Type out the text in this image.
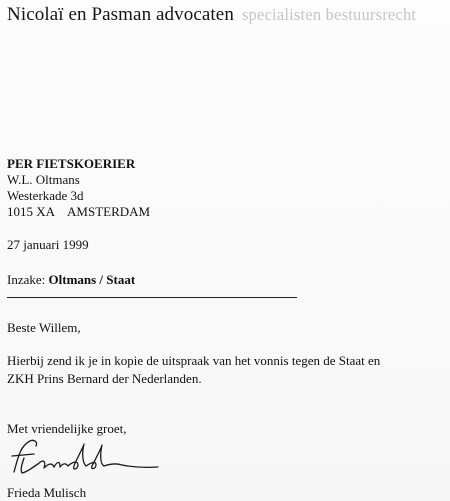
Nicolaï en Pasman advocaten specialisten bestuursrecht
PER FIETSKOERIER
W.L. Oltmans
Westerkade 3d
1015 XA AMSTERDAM
27 januari 1999
Inzake: Oltmans / Staat
Beste Willem,
Hierbij zend ik je in kopie de uitspraak van het vonnis tegen de Staat en
ZKH Prins Bernard der Nederlanden.
Met vriendelijke groet,
Frieda Mulisch
